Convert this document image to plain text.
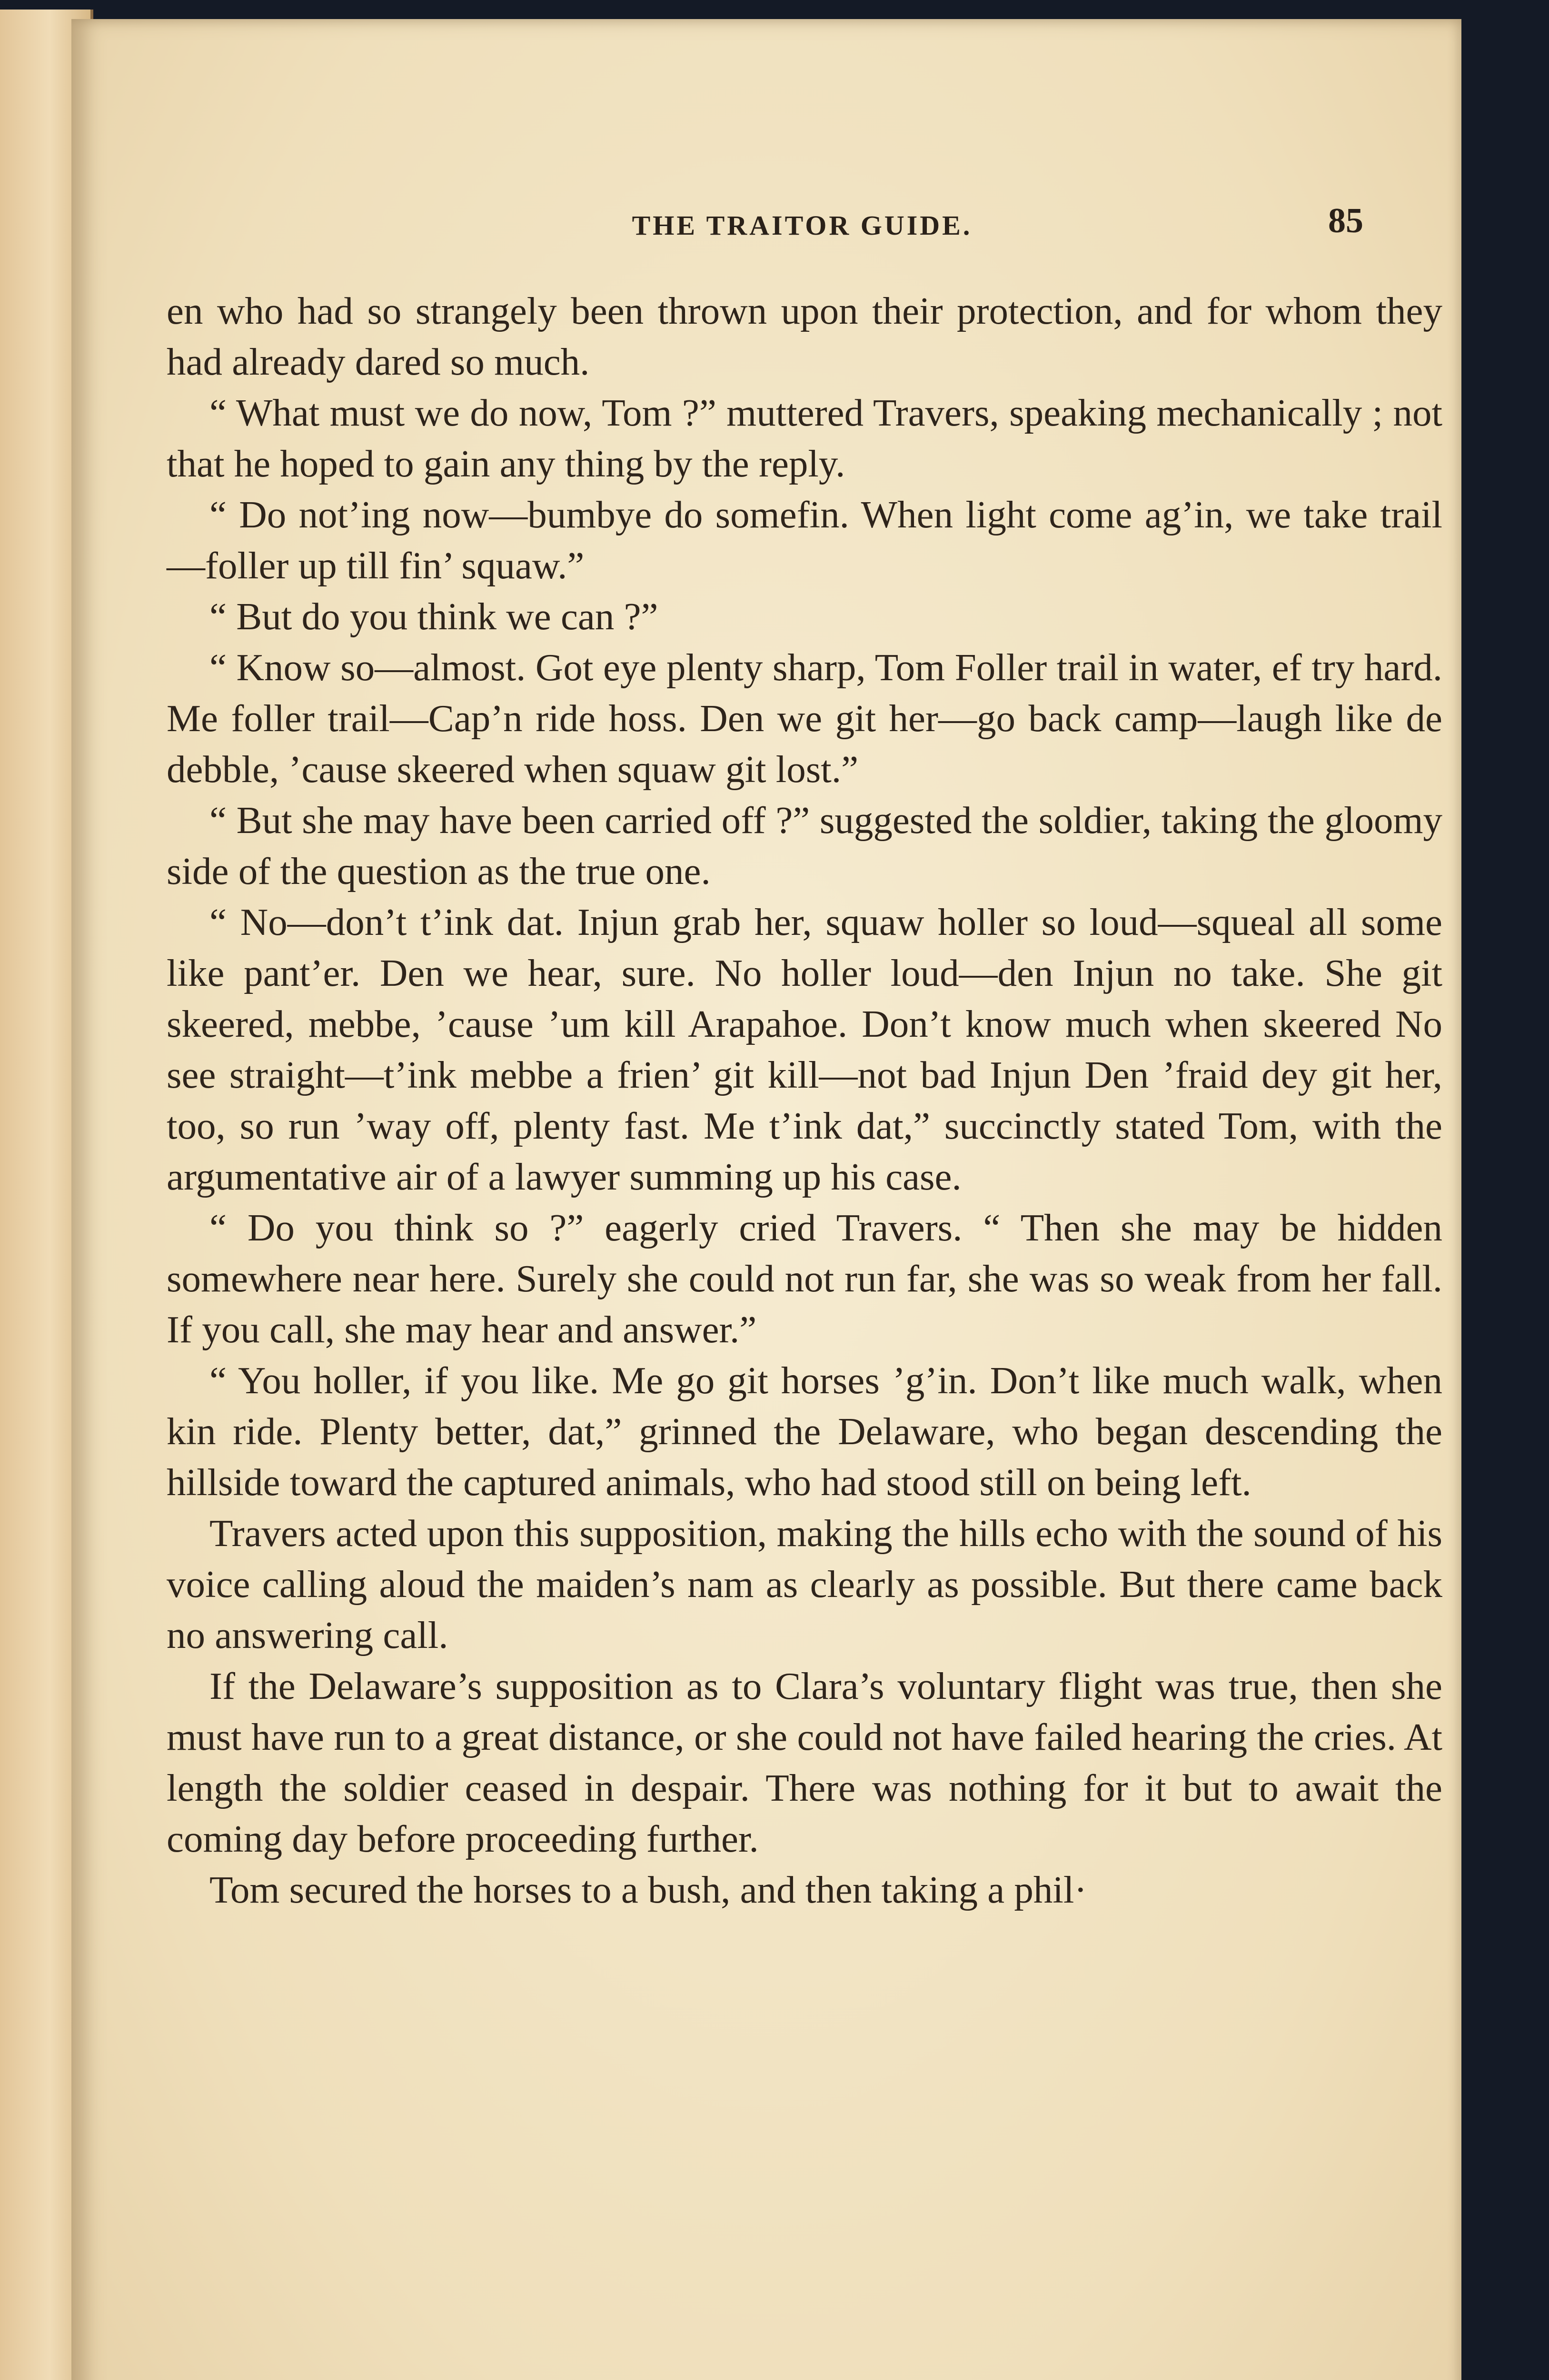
THE TRAITOR GUIDE.	85

en who had so strangely been thrown upon their protection, and for whom they had already dared so much.

“ What must we do now, Tom ?” muttered Travers, speaking mechanically ; not that he hoped to gain any thing by the reply.

“ Do not’ing now—bumbye do somefin. When light come ag’in, we take trail—foller up till fin’ squaw.”

“ But do you think we can ?”

“ Know so—almost. Got eye plenty sharp, Tom Foller trail in water, ef try hard. Me foller trail—Cap’n ride hoss. Den we git her—go back camp—laugh like de debble, ’cause skeered when squaw git lost.”

“ But she may have been carried off ?” suggested the soldier, taking the gloomy side of the question as the true one.

“ No—don’t t’ink dat. Injun grab her, squaw holler so loud—squeal all some like pant’er. Den we hear, sure. No holler loud—den Injun no take. She git skeered, mebbe, ’cause ’um kill Arapahoe. Don’t know much when skeered No see straight—t’ink mebbe a frien’ git kill—not bad Injun Den ’fraid dey git her, too, so run ’way off, plenty fast. Me t’ink dat,” succinctly stated Tom, with the argumentative air of a lawyer summing up his case.

“ Do you think so ?” eagerly cried Travers. “ Then she may be hidden somewhere near here. Surely she could not run far, she was so weak from her fall. If you call, she may hear and answer.”

“ You holler, if you like. Me go git horses ’g’in. Don’t like much walk, when kin ride. Plenty better, dat,” grinned the Delaware, who began descending the hillside toward the captured animals, who had stood still on being left.

Travers acted upon this supposition, making the hills echo with the sound of his voice calling aloud the maiden’s nam as clearly as possible. But there came back no answering call.

If the Delaware’s supposition as to Clara’s voluntary flight was true, then she must have run to a great distance, or she could not have failed hearing the cries. At length the soldier ceased in despair. There was nothing for it but to await the coming day before proceeding further.

Tom secured the horses to a bush, and then taking a phil·
